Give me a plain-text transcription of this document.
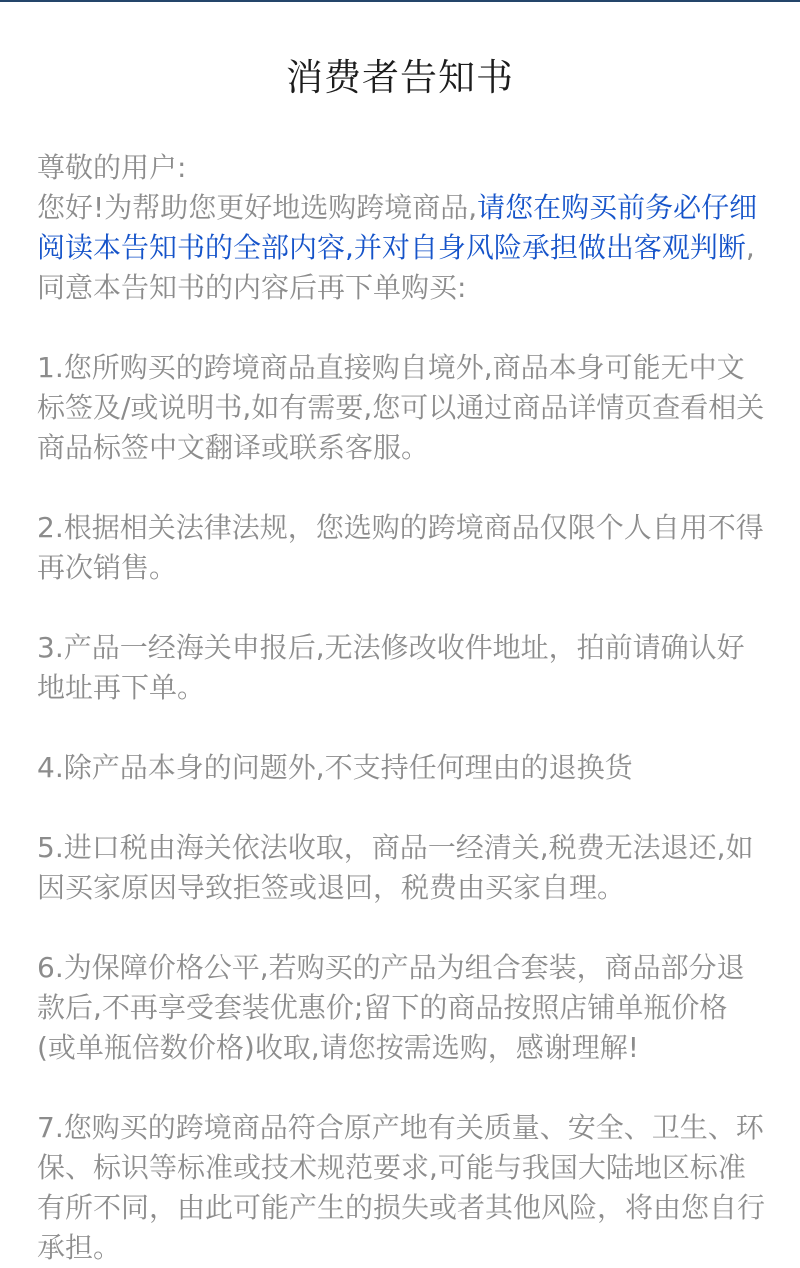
消费者告知书

尊敬的用户:

您好!为帮助您更好地选购跨境商品,请您在购买前务必仔细阅读本告知书的全部内容,并对自身风险承担做出客观判断,同意本告知书的内容后再下单购买:

1.您所购买的跨境商品直接购自境外,商品本身可能无中文标签及/或说明书,如有需要,您可以通过商品详情页查看相关商品标签中文翻译或联系客服。

2.根据相关法律法规，您选购的跨境商品仅限个人自用不得再次销售。

3.产品一经海关申报后,无法修改收件地址，拍前请确认好地址再下单。

4.除产品本身的问题外,不支持任何理由的退换货

5.进口税由海关依法收取，商品一经清关,税费无法退还,如因买家原因导致拒签或退回，税费由买家自理。

6.为保障价格公平,若购买的产品为组合套装，商品部分退款后,不再享受套装优惠价;留下的商品按照店铺单瓶价格(或单瓶倍数价格)收取,请您按需选购，感谢理解!

7.您购买的跨境商品符合原产地有关质量、安全、卫生、环保、标识等标准或技术规范要求,可能与我国大陆地区标准有所不同，由此可能产生的损失或者其他风险，将由您自行承担。
